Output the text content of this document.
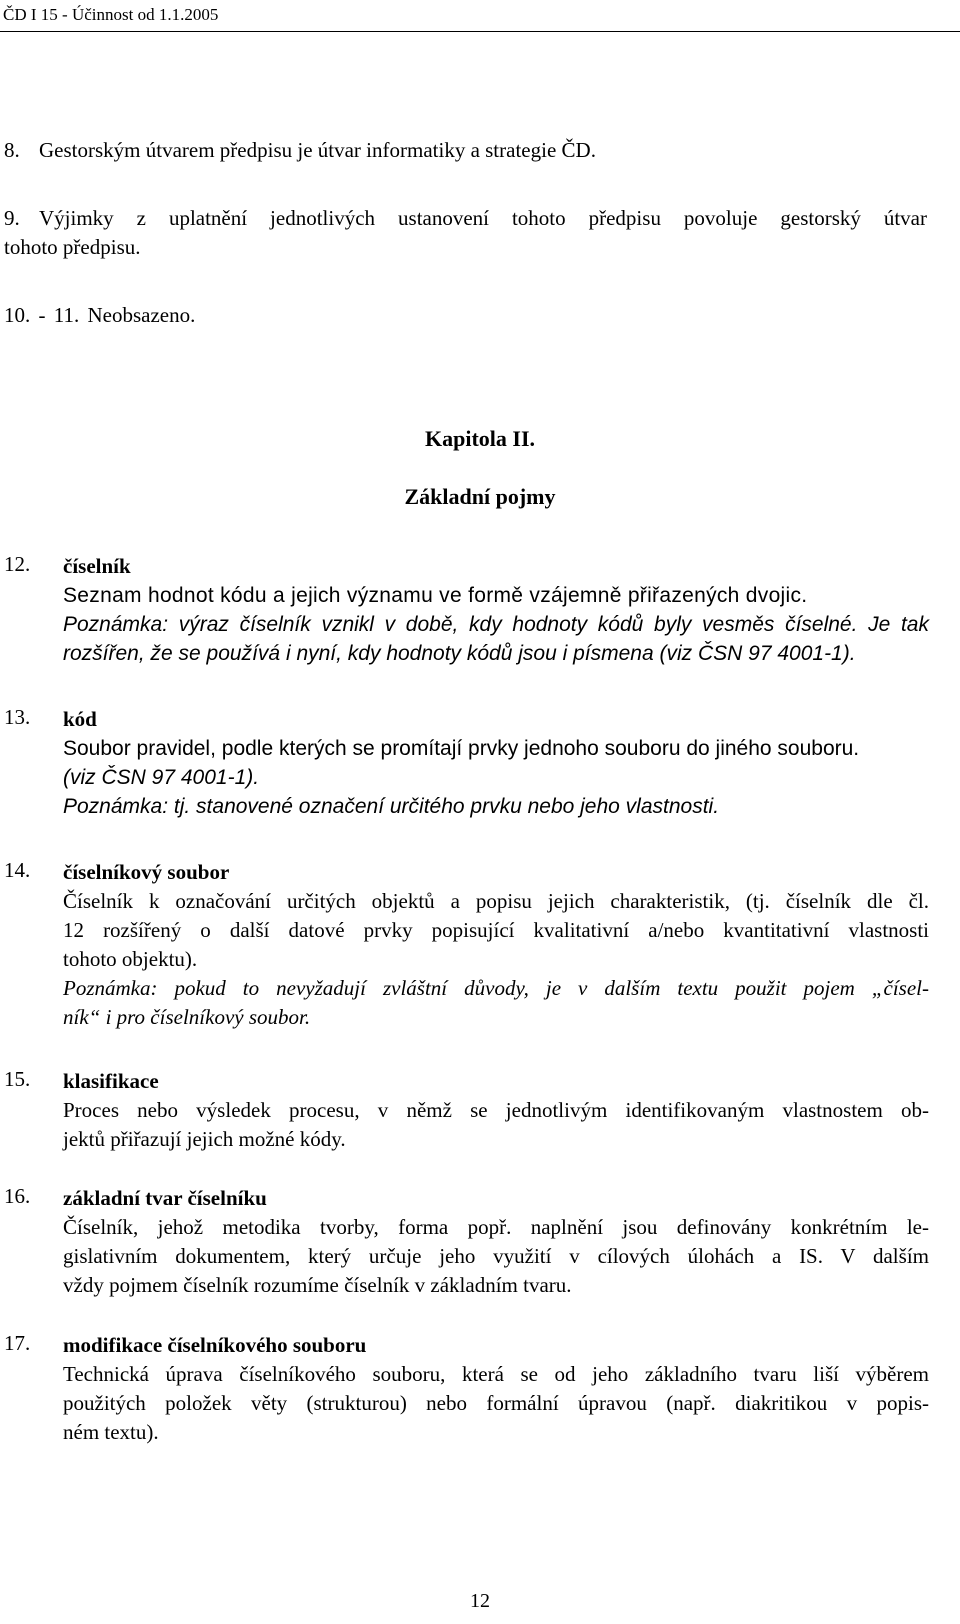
ČD I 15 - Účinnost od 1.1.2005
8. Gestorským útvarem předpisu je útvar informatiky a strategie ČD.
9. Výjimky z uplatnění jednotlivých ustanovení tohoto předpisu povoluje gestorský útvar
tohoto předpisu.
10. - 11. Neobsazeno.
Kapitola II.
Základní pojmy
12. číselník
Seznam hodnot kódu a jejich významu ve formě vzájemně přiřazených dvojic.
Poznámka: výraz číselník vznikl v době, kdy hodnoty kódů byly vesměs číselné. Je tak
rozšířen, že se používá i nyní, kdy hodnoty kódů jsou i písmena (viz ČSN 97 4001-1).
13. kód
Soubor pravidel, podle kterých se promítají prvky jednoho souboru do jiného souboru.
(viz ČSN 97 4001-1).
Poznámka: tj. stanovené označení určitého prvku nebo jeho vlastnosti.
14. číselníkový soubor
Číselník k označování určitých objektů a popisu jejich charakteristik, (tj. číselník dle čl.
12 rozšířený o další datové prvky popisující kvalitativní a/nebo kvantitativní vlastnosti
tohoto objektu).
Poznámka: pokud to nevyžadují zvláštní důvody, je v dalším textu použit pojem „čísel-
ník“ i pro číselníkový soubor.
15. klasifikace
Proces nebo výsledek procesu, v němž se jednotlivým identifikovaným vlastnostem ob-
jektů přiřazují jejich možné kódy.
16. základní tvar číselníku
Číselník, jehož metodika tvorby, forma popř. naplnění jsou definovány konkrétním le-
gislativním dokumentem, který určuje jeho využití v cílových úlohách a IS. V dalším
vždy pojmem číselník rozumíme číselník v základním tvaru.
17. modifikace číselníkového souboru
Technická úprava číselníkového souboru, která se od jeho základního tvaru liší výběrem
použitých položek věty (strukturou) nebo formální úpravou (např. diakritikou v popis-
ném textu).
12
